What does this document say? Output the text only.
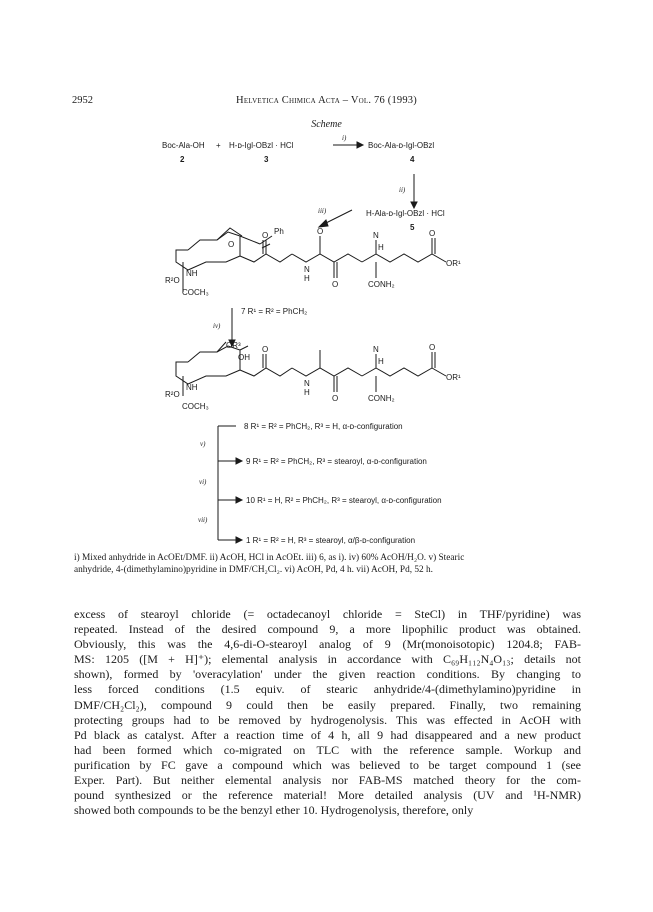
2952	Helvetica Chimica Acta – Vol. 76 (1993)
Scheme
Boc-Ala-OH + H-ᴅ-Igl-OBzl · HCl	Boc-Ala-ᴅ-Igl-OBzl
2	3	4
H-Ala-ᴅ-Igl-OBzl · HCl
5
i)
ii)
iii)
iv)
v)
vi)
vii)
Ph
O
O	O	N
H
O
OR¹
N
H
O	CONH₂
NH
R²O
COCH₃
7 R¹ = R² = PhCH₂
OR³
OH
O	N
H
O
OR¹
N
H
O	CONH₂
NH
R²O
COCH₃
8 R¹ = R² = PhCH₂, R³ = H, α-ᴅ-configuration
9 R¹ = R² = PhCH₂, R³ = stearoyl, α-ᴅ-configuration
10 R¹ = H, R² = PhCH₂, R³ = stearoyl, α-ᴅ-configuration
1 R¹ = R² = H, R³ = stearoyl, α/β-ᴅ-configuration
i) Mixed anhydride in AcOEt/DMF. ii) AcOH, HCl in AcOEt. iii) 6, as i). iv) 60% AcOH/H₂O. v) Stearic
anhydride, 4-(dimethylamino)pyridine in DMF/CH₂Cl₂. vi) AcOH, Pd, 4 h. vii) AcOH, Pd, 52 h.
excess of stearoyl chloride (= octadecanoyl chloride = SteCl) in THF/pyridine) was
repeated. Instead of the desired compound 9, a more lipophilic product was obtained.
Obviously, this was the 4,6-di-O-stearoyl analog of 9 (Mr(monoisotopic) 1204.8; FAB-
MS: 1205 ([M + H]⁺); elemental analysis in accordance with C₆₉H₁₁₂N₄O₁₃; details not
shown), formed by 'overacylation' under the given reaction conditions. By changing to
less forced conditions (1.5 equiv. of stearic anhydride/4-(dimethylamino)pyridine in
DMF/CH₂Cl₂), compound 9 could then be easily prepared. Finally, two remaining
protecting groups had to be removed by hydrogenolysis. This was effected in AcOH with
Pd black as catalyst. After a reaction time of 4 h, all 9 had disappeared and a new product
had been formed which co-migrated on TLC with the reference sample. Workup and
purification by FC gave a compound which was believed to be target compound 1 (see
Exper. Part). But neither elemental analysis nor FAB-MS matched theory for the com-
pound synthesized or the reference material! More detailed analysis (UV and ¹H-NMR)
showed both compounds to be the benzyl ether 10. Hydrogenolysis, therefore, only
